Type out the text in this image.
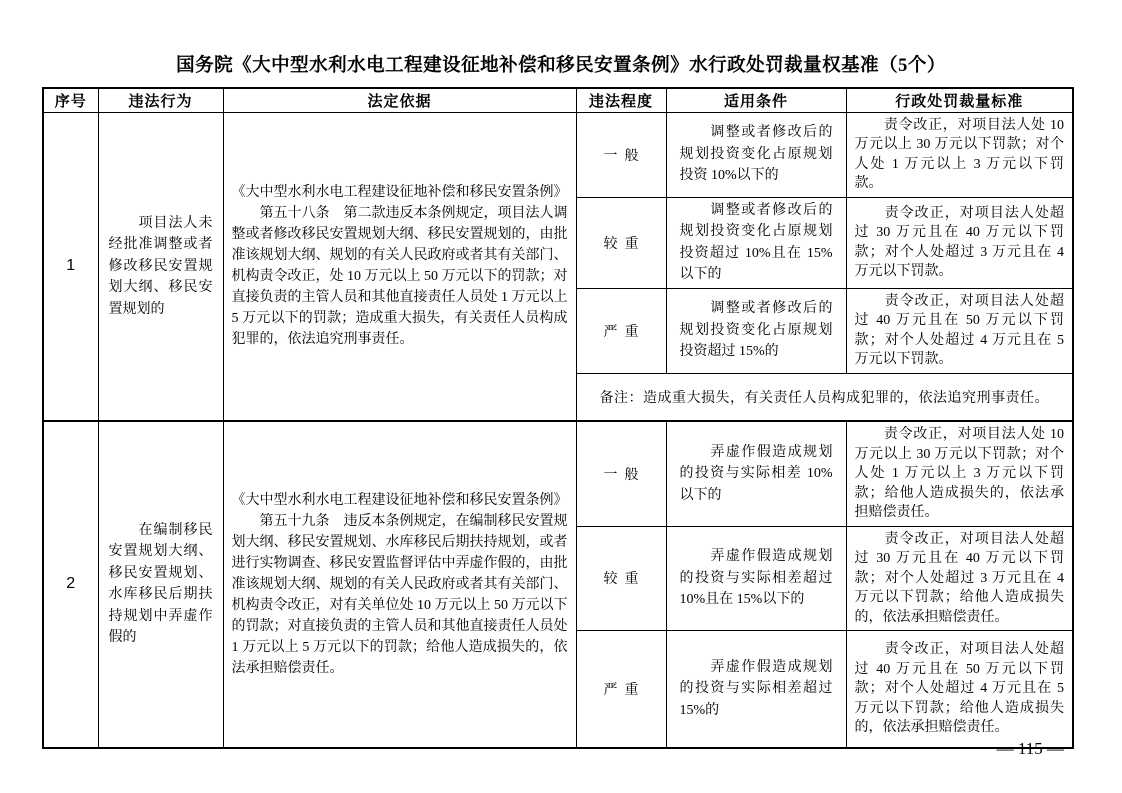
国务院《大中型水利水电工程建设征地补偿和移民安置条例》水行政处罚裁量权基准（5个）
序号	违法行为	法定依据	违法程度	适用条件	行政处罚裁量标准
1	　　项目法人未经批准调整或者修改移民安置规划大纲、移民安置规划的	《大中型水利水电工程建设征地补偿和移民安置条例》
　　第五十八条　第二款违反本条例规定，项目法人调整或者修改移民安置规划大纲、移民安置规划的，由批准该规划大纲、规划的有关人民政府或者其有关部门、机构责令改正，处 10 万元以上 50 万元以下的罚款；对直接负责的主管人员和其他直接责任人员处 1 万元以上 5 万元以下的罚款；造成重大损失，有关责任人员构成犯罪的，依法追究刑事责任。	一般	　　调整或者修改后的规划投资变化占原规划投资 10%以下的	　　责令改正，对项目法人处 10 万元以上 30 万元以下罚款；对个人处 1 万元以上 3 万元以下罚款。
			较重	　　调整或者修改后的规划投资变化占原规划投资超过 10%且在 15%以下的	　　责令改正，对项目法人处超过 30 万元且在 40 万元以下罚款；对个人处超过 3 万元且在 4 万元以下罚款。
			严重	　　调整或者修改后的规划投资变化占原规划投资超过 15%的	　　责令改正，对项目法人处超过 40 万元且在 50 万元以下罚款；对个人处超过 4 万元且在 5 万元以下罚款。
			备注：造成重大损失，有关责任人员构成犯罪的，依法追究刑事责任。		
2	　　在编制移民安置规划大纲、移民安置规划、水库移民后期扶持规划中弄虚作假的	《大中型水利水电工程建设征地补偿和移民安置条例》
　　第五十九条　违反本条例规定，在编制移民安置规划大纲、移民安置规划、水库移民后期扶持规划，或者进行实物调查、移民安置监督评估中弄虚作假的，由批准该规划大纲、规划的有关人民政府或者其有关部门、机构责令改正，对有关单位处 10 万元以上 50 万元以下的罚款；对直接负责的主管人员和其他直接责任人员处 1 万元以上 5 万元以下的罚款；给他人造成损失的，依法承担赔偿责任。	一般	　　弄虚作假造成规划的投资与实际相差 10%以下的	　　责令改正，对项目法人处 10 万元以上 30 万元以下罚款；对个人处 1 万元以上 3 万元以下罚款；给他人造成损失的，依法承担赔偿责任。
			较重	　　弄虚作假造成规划的投资与实际相差超过 10%且在 15%以下的	　　责令改正，对项目法人处超过 30 万元且在 40 万元以下罚款；对个人处超过 3 万元且在 4 万元以下罚款；给他人造成损失的，依法承担赔偿责任。
			严重	　　弄虚作假造成规划的投资与实际相差超过 15%的	　　责令改正，对项目法人处超过 40 万元且在 50 万元以下罚款；对个人处超过 4 万元且在 5 万元以下罚款；给他人造成损失的，依法承担赔偿责任。
— 115 —
